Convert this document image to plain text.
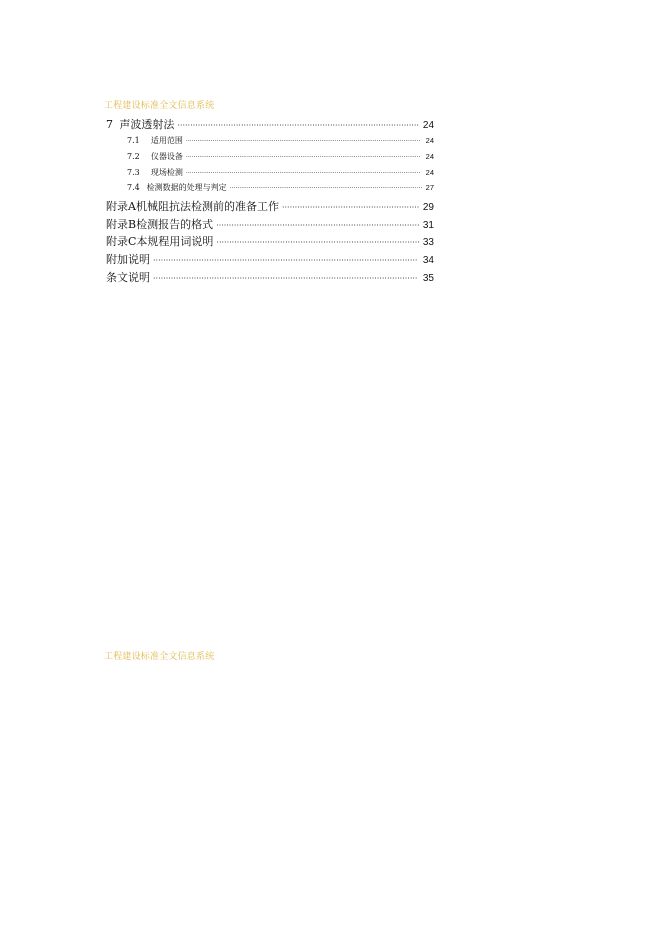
工程建设标准全文信息系统
7 声波透射法 ·····	24
7.1	适用范围 ·····	24
7.2	仪器设备 ·····	24
7.3	现场检测 ·····	24
7.4 检测数据的处理与判定 ·····	27
附录A 机械阻抗法检测前的准备工作 ·····	29
附录B 检测报告的格式 ·····	31
附录C 本规程用词说明 ·····	33
附加说明 ·····	34
条文说明 ·····	35
工程建设标准全文信息系统
